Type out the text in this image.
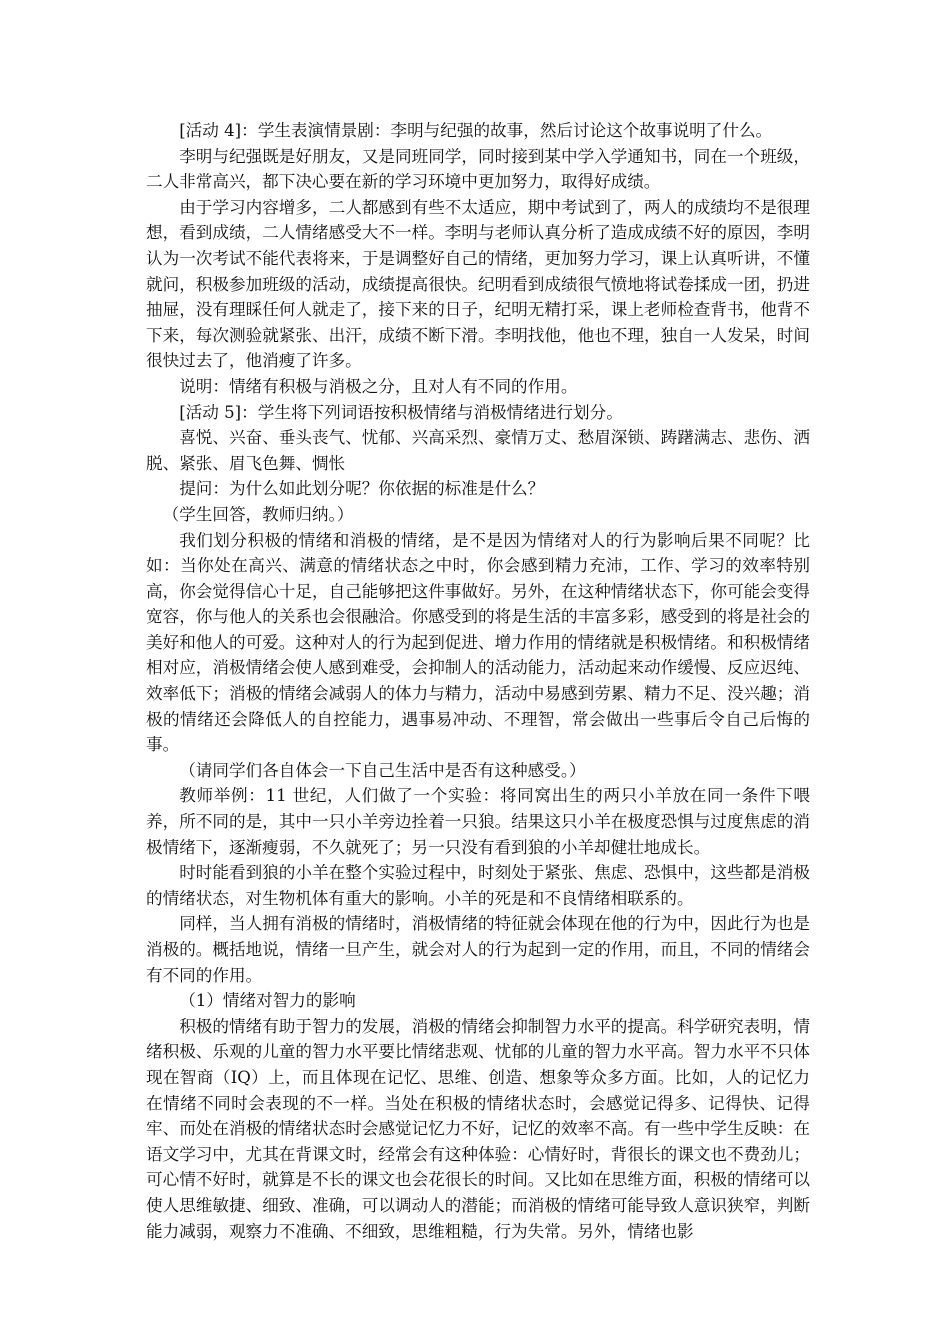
[活动 4]：学生表演情景剧：李明与纪强的故事，然后讨论这个故事说明了什么。

李明与纪强既是好朋友，又是同班同学，同时接到某中学入学通知书，同在一个班级，二人非常高兴，都下决心要在新的学习环境中更加努力，取得好成绩。

由于学习内容增多，二人都感到有些不太适应，期中考试到了，两人的成绩均不是很理想，看到成绩，二人情绪感受大不一样。李明与老师认真分析了造成成绩不好的原因，李明认为一次考试不能代表将来，于是调整好自己的情绪，更加努力学习，课上认真听讲，不懂就问，积极参加班级的活动，成绩提高很快。纪明看到成绩很气愤地将试卷揉成一团，扔进抽屉，没有理睬任何人就走了，接下来的日子，纪明无精打采，课上老师检查背书，他背不下来，每次测验就紧张、出汗，成绩不断下滑。李明找他，他也不理，独自一人发呆，时间很快过去了，他消瘦了许多。

说明：情绪有积极与消极之分，且对人有不同的作用。

[活动 5]：学生将下列词语按积极情绪与消极情绪进行划分。

喜悦、兴奋、垂头丧气、忧郁、兴高采烈、豪情万丈、愁眉深锁、踌躇满志、悲伤、洒脱、紧张、眉飞色舞、惆怅

提问：为什么如此划分呢？你依据的标准是什么？

（学生回答，教师归纳。）

我们划分积极的情绪和消极的情绪，是不是因为情绪对人的行为影响后果不同呢？比如：当你处在高兴、满意的情绪状态之中时，你会感到精力充沛，工作、学习的效率特别高，你会觉得信心十足，自己能够把这件事做好。另外，在这种情绪状态下，你可能会变得宽容，你与他人的关系也会很融洽。你感受到的将是生活的丰富多彩，感受到的将是社会的美好和他人的可爱。这种对人的行为起到促进、增力作用的情绪就是积极情绪。和积极情绪相对应，消极情绪会使人感到难受，会抑制人的活动能力，活动起来动作缓慢、反应迟纯、效率低下；消极的情绪会减弱人的体力与精力，活动中易感到劳累、精力不足、没兴趣；消极的情绪还会降低人的自控能力，遇事易冲动、不理智，常会做出一些事后令自己后悔的事。

（请同学们各自体会一下自己生活中是否有这种感受。）

教师举例：11 世纪，人们做了一个实验：将同窝出生的两只小羊放在同一条件下喂养，所不同的是，其中一只小羊旁边拴着一只狼。结果这只小羊在极度恐惧与过度焦虑的消极情绪下，逐渐瘦弱，不久就死了；另一只没有看到狼的小羊却健壮地成长。

时时能看到狼的小羊在整个实验过程中，时刻处于紧张、焦虑、恐惧中，这些都是消极的情绪状态，对生物机体有重大的影响。小羊的死是和不良情绪相联系的。

同样，当人拥有消极的情绪时，消极情绪的特征就会体现在他的行为中，因此行为也是消极的。概括地说，情绪一旦产生，就会对人的行为起到一定的作用，而且，不同的情绪会有不同的作用。

（1）情绪对智力的影响

积极的情绪有助于智力的发展，消极的情绪会抑制智力水平的提高。科学研究表明，情绪积极、乐观的儿童的智力水平要比情绪悲观、忧郁的儿童的智力水平高。智力水平不只体现在智商（IQ）上，而且体现在记忆、思维、创造、想象等众多方面。比如，人的记忆力在情绪不同时会表现的不一样。当处在积极的情绪状态时，会感觉记得多、记得快、记得牢、而处在消极的情绪状态时会感觉记忆力不好，记忆的效率不高。有一些中学生反映：在语文学习中，尤其在背课文时，经常会有这种体验：心情好时，背很长的课文也不费劲儿；可心情不好时，就算是不长的课文也会花很长的时间。又比如在思维方面，积极的情绪可以使人思维敏捷、细致、准确，可以调动人的潜能；而消极的情绪可能导致人意识狭窄，判断能力减弱，观察力不准确、不细致，思维粗糙，行为失常。另外，情绪也影
